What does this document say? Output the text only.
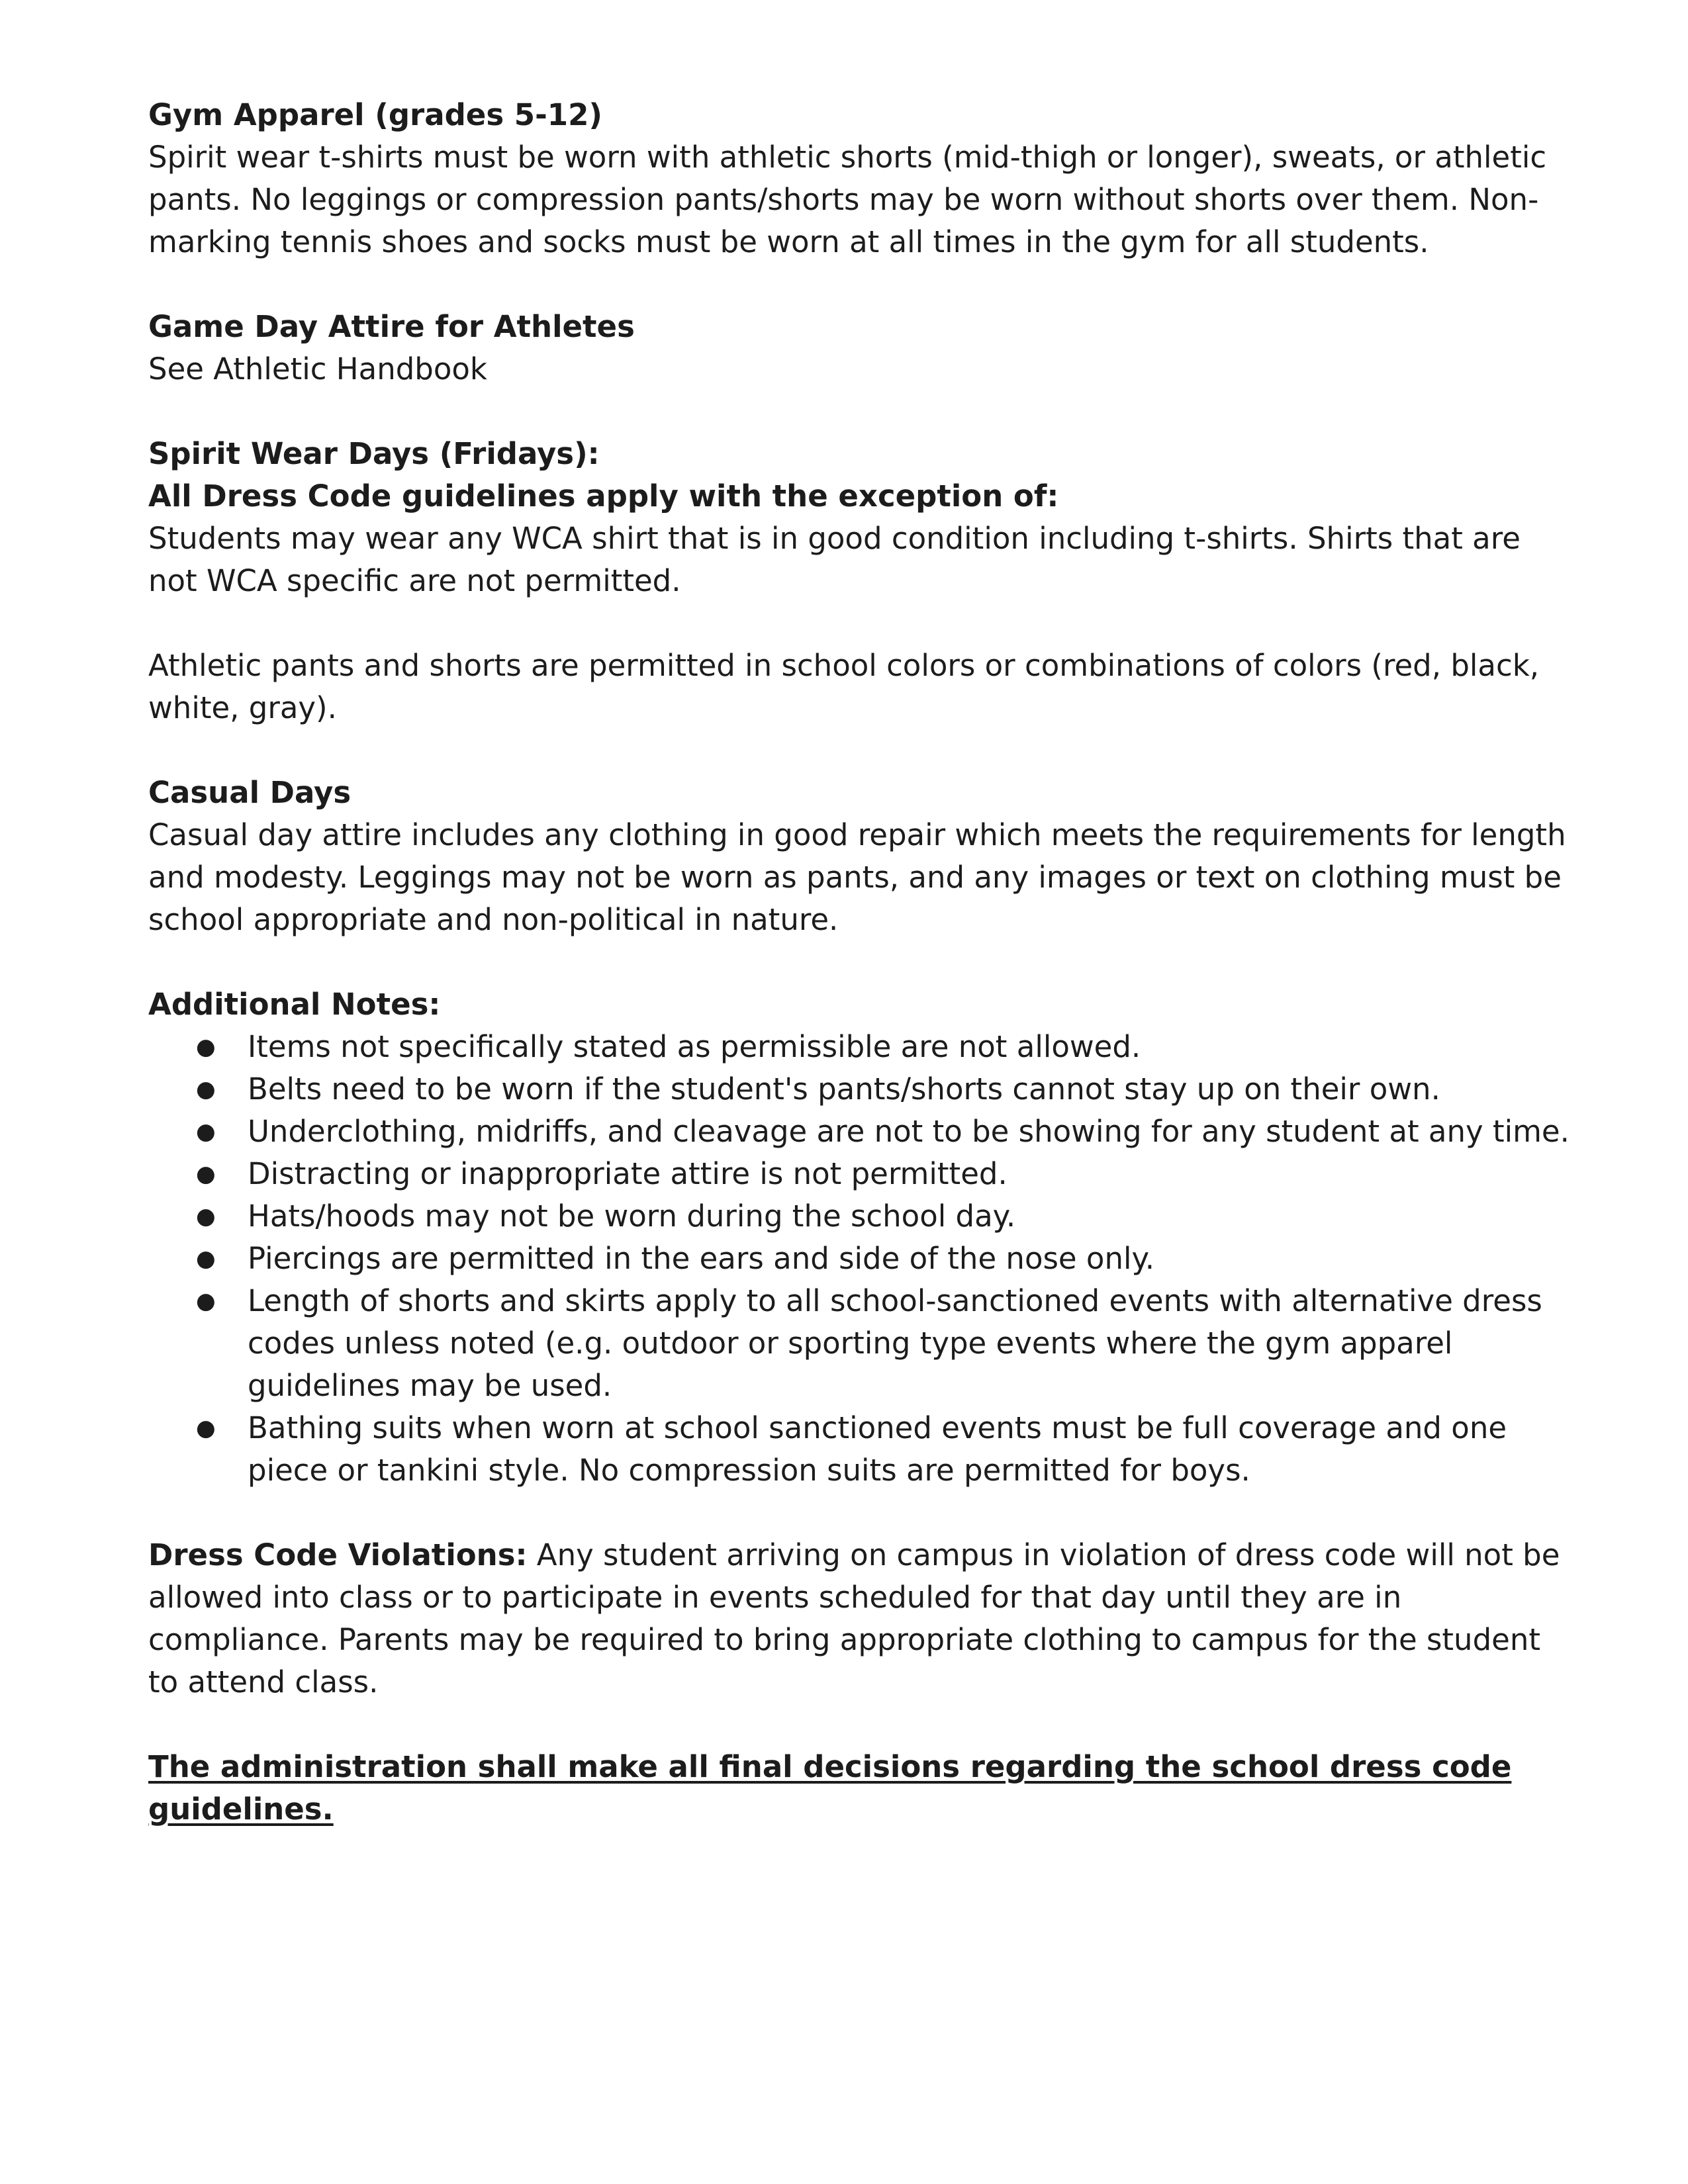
Gym Apparel (grades 5-12)

Spirit wear t-shirts must be worn with athletic shorts (mid-thigh or longer), sweats, or athletic pants. No leggings or compression pants/shorts may be worn without shorts over them. Non-marking tennis shoes and socks must be worn at all times in the gym for all students.

Game Day Attire for Athletes

See Athletic Handbook

Spirit Wear Days (Fridays):

All Dress Code guidelines apply with the exception of:

Students may wear any WCA shirt that is in good condition including t-shirts. Shirts that are not WCA specific are not permitted.

Athletic pants and shorts are permitted in school colors or combinations of colors (red, black, white, gray).

Casual Days

Casual day attire includes any clothing in good repair which meets the requirements for length and modesty. Leggings may not be worn as pants, and any images or text on clothing must be school appropriate and non-political in nature.

Additional Notes:

● Items not specifically stated as permissible are not allowed.
● Belts need to be worn if the student's pants/shorts cannot stay up on their own.
● Underclothing, midriffs, and cleavage are not to be showing for any student at any time.
● Distracting or inappropriate attire is not permitted.
● Hats/hoods may not be worn during the school day.
● Piercings are permitted in the ears and side of the nose only.
● Length of shorts and skirts apply to all school-sanctioned events with alternative dress codes unless noted (e.g. outdoor or sporting type events where the gym apparel guidelines may be used.
● Bathing suits when worn at school sanctioned events must be full coverage and one piece or tankini style. No compression suits are permitted for boys.

Dress Code Violations: Any student arriving on campus in violation of dress code will not be allowed into class or to participate in events scheduled for that day until they are in compliance. Parents may be required to bring appropriate clothing to campus for the student to attend class.

The administration shall make all final decisions regarding the school dress code guidelines.
